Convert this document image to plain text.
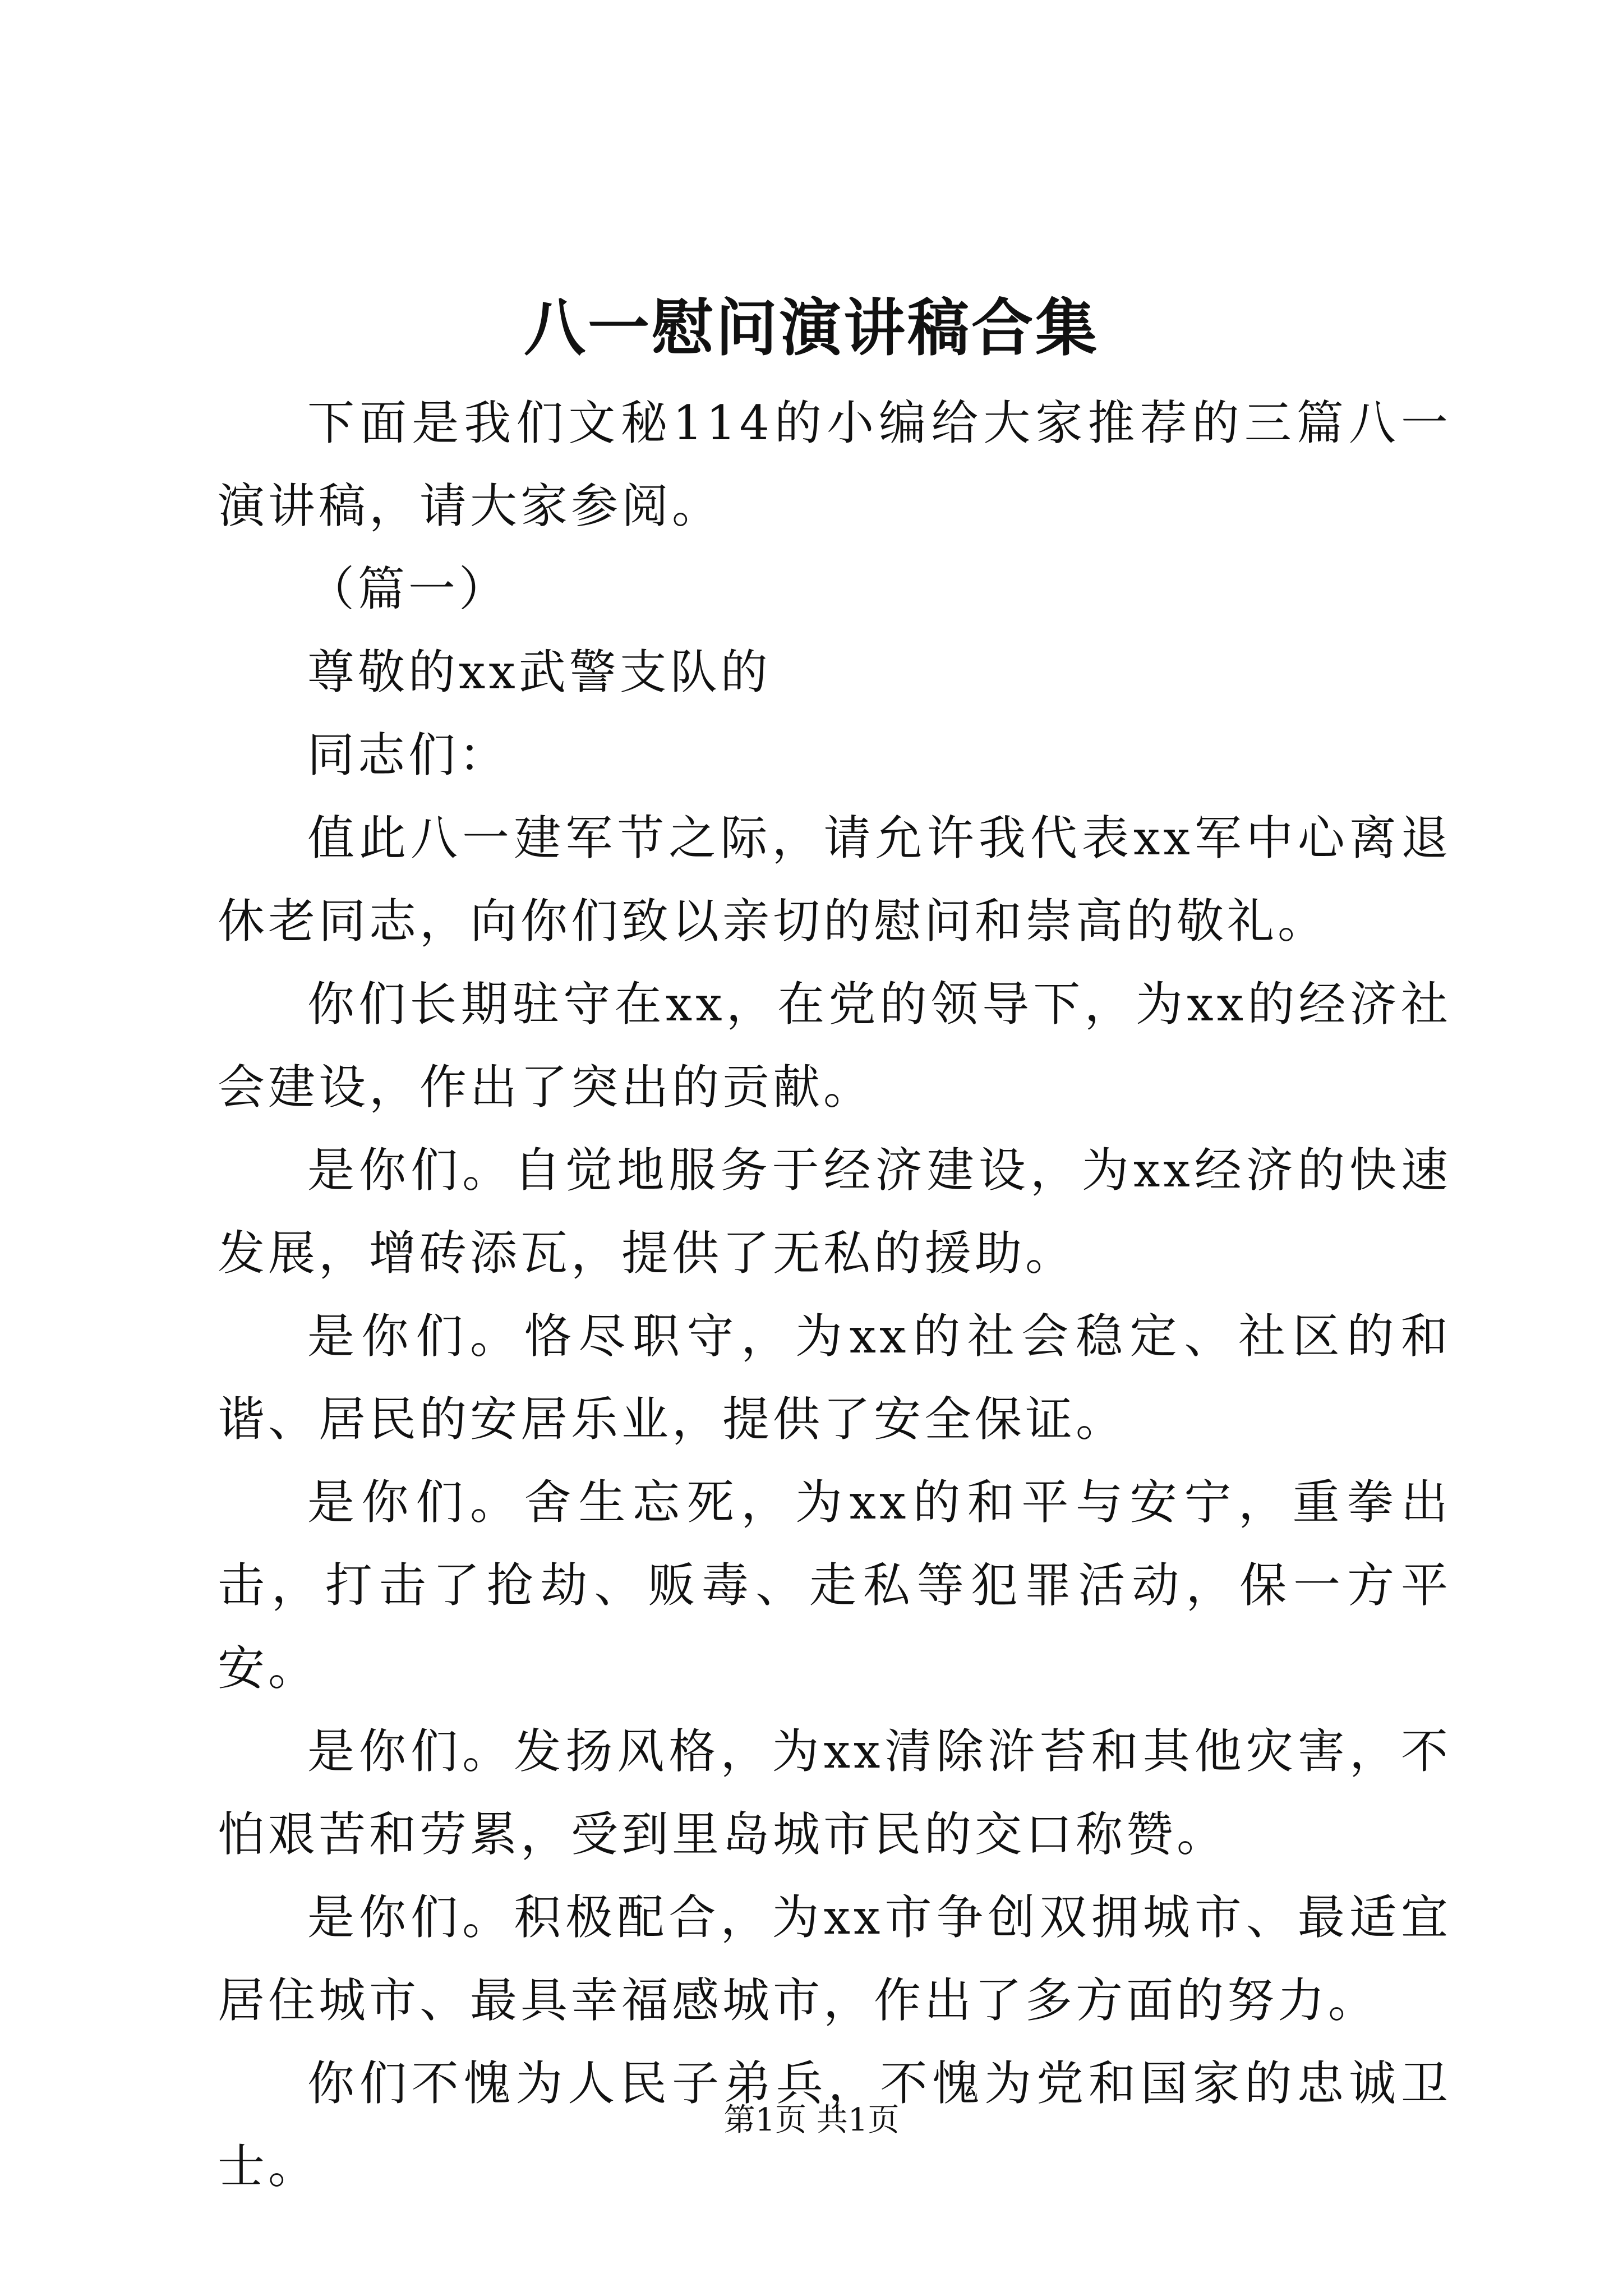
八一慰问演讲稿合集

下面是我们文秘114的小编给大家推荐的三篇八一演讲稿，请大家参阅。

（篇一）

尊敬的xx武警支队的

同志们：

值此八一建军节之际，请允许我代表xx军中心离退休老同志，向你们致以亲切的慰问和崇高的敬礼。

你们长期驻守在xx，在党的领导下，为xx的经济社会建设，作出了突出的贡献。

是你们。自觉地服务于经济建设，为xx经济的快速发展，增砖添瓦，提供了无私的援助。

是你们。恪尽职守，为xx的社会稳定、社区的和谐、居民的安居乐业，提供了安全保证。

是你们。舍生忘死，为xx的和平与安宁，重拳出击，打击了抢劫、贩毒、走私等犯罪活动，保一方平安。

是你们。发扬风格，为xx清除浒苔和其他灾害，不怕艰苦和劳累，受到里岛城市民的交口称赞。

是你们。积极配合，为xx市争创双拥城市、最适宜居住城市、最具幸福感城市，作出了多方面的努力。

你们不愧为人民子弟兵，不愧为党和国家的忠诚卫士。

第1页 共1页
